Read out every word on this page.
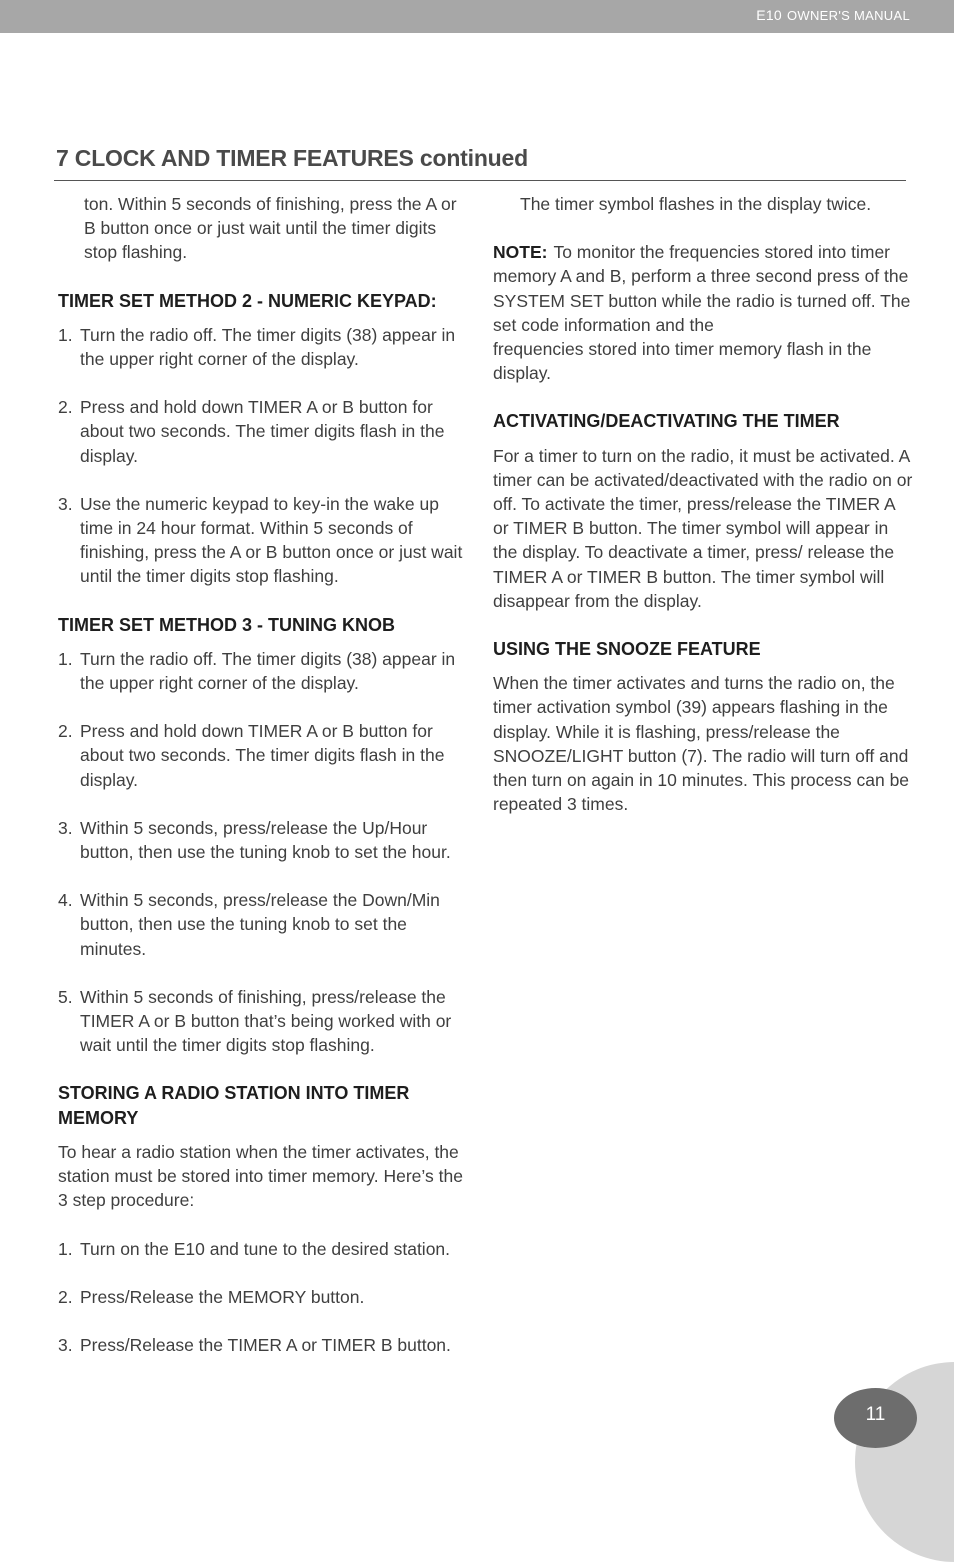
E10 OWNER'S MANUAL
7 CLOCK AND TIMER FEATURES continued

ton. Within 5 seconds of finishing, press the A or B button once or just wait until the timer digits stop flashing.

TIMER SET METHOD 2 - NUMERIC KEYPAD:

1. Turn the radio off. The timer digits (38) appear in the upper right corner of the display.
2. Press and hold down TIMER A or B button for about two seconds. The timer digits flash in the display.
3. Use the numeric keypad to key-in the wake up time in 24 hour format. Within 5 seconds of finishing, press the A or B button once or just wait until the timer digits stop flashing.

TIMER SET METHOD 3 - TUNING KNOB

1. Turn the radio off. The timer digits (38) appear in the upper right corner of the display.
2. Press and hold down TIMER A or B button for about two seconds. The timer digits flash in the display.
3. Within 5 seconds, press/release the Up/Hour button, then use the tuning knob to set the hour.
4. Within 5 seconds, press/release the Down/Min button, then use the tuning knob to set the minutes.
5. Within 5 seconds of finishing, press/release the TIMER A or B button that’s being worked with or wait until the timer digits stop flashing.

STORING A RADIO STATION INTO TIMER MEMORY

To hear a radio station when the timer activates, the station must be stored into timer memory. Here’s the 3 step procedure:

1. Turn on the E10 and tune to the desired station.
2. Press/Release the MEMORY button.
3. Press/Release the TIMER A or TIMER B button.

The timer symbol flashes in the display twice.

NOTE: To monitor the frequencies stored into timer memory A and B, perform a three second press of the SYSTEM SET button while the radio is turned off. The set code information and the

frequencies stored into timer memory flash in the display.

ACTIVATING/DEACTIVATING THE TIMER

For a timer to turn on the radio, it must be activated. A timer can be activated/deactivated with the radio on or off. To activate the timer, press/release the TIMER A or TIMER B button. The timer symbol will appear in the display. To deactivate a timer, press/ release the TIMER A or TIMER B button. The timer symbol will disappear from the display.

USING THE SNOOZE FEATURE

When the timer activates and turns the radio on, the timer activation symbol (39) appears flashing in the display. While it is flashing, press/release the SNOOZE/LIGHT button (7). The radio will turn off and then turn on again in 10 minutes. This process can be repeated 3 times.

11
